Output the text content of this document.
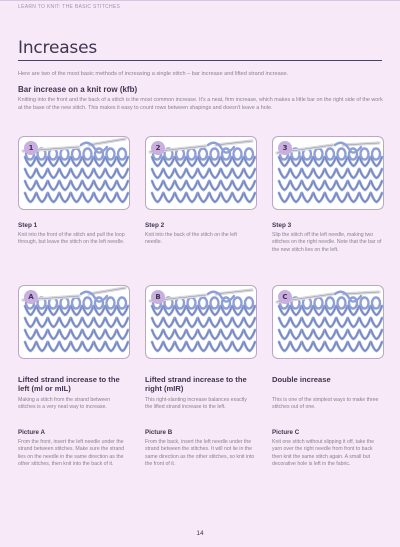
LEARN TO KNIT: THE BASIC STITCHES
Increases
Here are two of the most basic methods of increasing a single stitch – bar increase and lifted strand increase.
Bar increase on a knit row (kfb)
Knitting into the front and the back of a stitch is the most common increase. It's a neat, firm increase, which makes a little bar on the right side of the work at the base of the new stitch. This makes it easy to count rows between shapings and doesn't leave a hole.
1	2	3
Step 1
Knit into the front of the stitch and pull the loop through, but leave the stitch on the left needle.
Step 2
Knit into the back of the stitch on the left needle.
Step 3
Slip the stitch off the left needle, making two stitches on the right needle. Note that the bar of the new stitch lies on the left.
A	B	C
Lifted strand increase to the left (ml or mIL)
Making a stitch from the strand between stitches is a very neat way to increase.
Picture A
From the front, insert the left needle under the strand between stitches. Make sure the strand lies on the needle in the same direction as the other stitches, then knit into the back of it.
Lifted strand increase to the right (mIR)
This right-slanting increase balances exactly the lifted strand increase to the left.
Picture B
From the back, insert the left needle under the strand between the stitches. It will not lie in the same direction as the other stitches, so knit into the front of it.
Double increase
This is one of the simplest ways to make three stitches out of one.
Picture C
Knit one stitch without slipping it off, take the yarn over the right needle from front to back then knit the same stitch again. A small but decorative hole is left in the fabric.
14
